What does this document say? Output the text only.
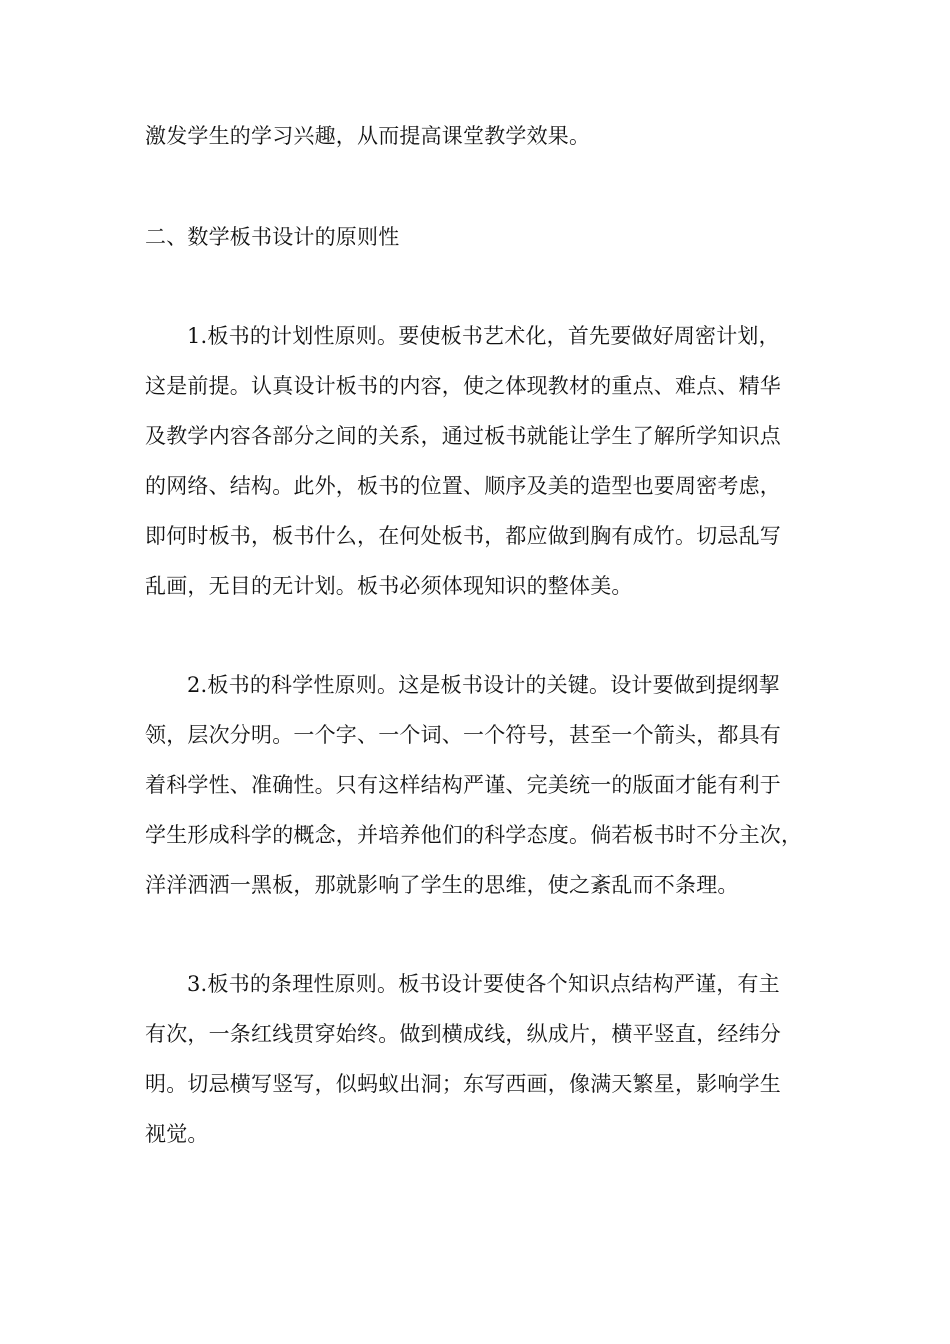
激发学生的学习兴趣，从而提高课堂教学效果。
二、数学板书设计的原则性
1.板书的计划性原则。要使板书艺术化，首先要做好周密计划，
这是前提。认真设计板书的内容，使之体现教材的重点、难点、精华
及教学内容各部分之间的关系，通过板书就能让学生了解所学知识点
的网络、结构。此外，板书的位置、顺序及美的造型也要周密考虑，
即何时板书，板书什么，在何处板书，都应做到胸有成竹。切忌乱写
乱画，无目的无计划。板书必须体现知识的整体美。
2.板书的科学性原则。这是板书设计的关键。设计要做到提纲挈
领，层次分明。一个字、一个词、一个符号，甚至一个箭头，都具有
着科学性、准确性。只有这样结构严谨、完美统一的版面才能有利于
学生形成科学的概念，并培养他们的科学态度。倘若板书时不分主次，
洋洋洒洒一黑板，那就影响了学生的思维，使之紊乱而不条理。
3.板书的条理性原则。板书设计要使各个知识点结构严谨，有主
有次，一条红线贯穿始终。做到横成线，纵成片，横平竖直，经纬分
明。切忌横写竖写，似蚂蚁出洞；东写西画，像满天繁星，影响学生
视觉。
